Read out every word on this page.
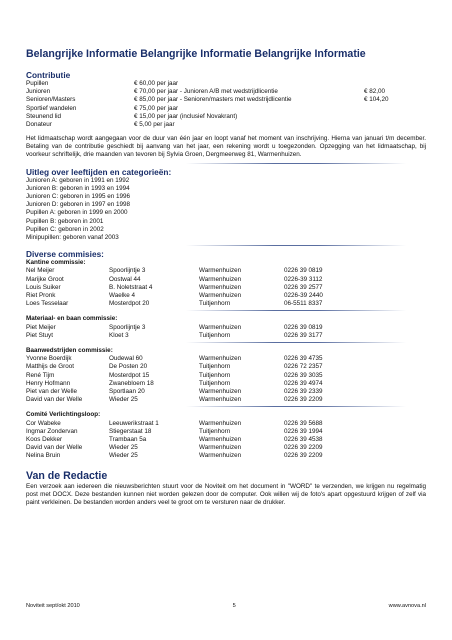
Belangrijke Informatie Belangrijke Informatie Belangrijke Informatie
Contributie
Pupillen	€ 60,00 per jaar
Junioren	€ 70,00 per jaar - Junioren A/B met wedstrijdlicentie	€ 82,00
Senioren/Masters	€ 85,00 per jaar - Senioren/masters met wedstrijdlicentie	€ 104,20
Sportief wandelen	€ 75,00 per jaar
Steunend lid	€ 15,00 per jaar (inclusief Novakrant)
Donateur	€ 5,00 per jaar

Het lidmaatschap wordt aangegaan voor de duur van één jaar en loopt vanaf het moment van inschrijving. Hierna van januari t/m december. Betaling van de contributie geschiedt bij aanvang van het jaar, een rekening wordt u toegezonden. Opzegging van het lidmaatschap, bij voorkeur schriftelijk, drie maanden van tevoren bij Sylvia Groen, Dergmeerweg 81, Warmenhuizen.

Uitleg over leeftijden en categorieën:
Junioren A: geboren in 1991 en 1992
Junioren B: geboren in 1993 en 1994
Junioren C: geboren in 1995 en 1996
Junioren D: geboren in 1997 en 1998
Pupillen A: geboren in 1999 en 2000
Pupillen B: geboren in 2001
Pupillen C: geboren in 2002
Minipupillen: geboren vanaf 2003
Diverse commisies:
Kantine commissie:
Nel Meijer	Spoorlijntje 3	Warmenhuizen	0226 39 0819
Marijke Groot	Oostwal 44	Warmenhuizen	0226-39 3112
Louis Suiker	B. Noletstraat 4	Warmenhuizen	0226 39 2577
Riet Pronk	Waelke 4	Warmenhuizen	0226-39 2440
Loes Tesselaar	Mosterdpot 20	Tuitjenhorn	06-5511 8337
Materiaal- en baan commissie:
Piet Meijer	Spoorlijntje 3	Warmenhuizen	0226 39 0819
Piet Stuyt	Kloet 3	Tuitjenhorn	0226 39 3177
Baanwedstrijden commissie:
Yvonne Boerdijk	Oudewal 60	Warmenhuizen	0226 39 4735
Matthijs de Groot	De Posten 20	Tuitjenhorn	0226 72 2357
René Tijm	Mosterdpot 15	Tuitjenhorn	0226 39 3035
Henry Hofmann	Zwanebloem 18	Tuitjenhorn	0226 39 4974
Piet van der Welle	Sportlaan 20	Warmenhuizen	0226 39 2339
David van der Welle	Wieder 25	Warmenhuizen	0226 39 2209
Comité Verlichtingsloop:
Cor Wabeke	Leeuwerikstraat 1	Warmenhuizen	0226 39 5688
Ingmar Zondervan	Stiegerstaat 18	Tuitjenhorn	0226 39 1994
Koos Dekker	Trambaan 5a	Warmenhuizen	0226 39 4538
David van der Welle	Wieder 25	Warmenhuizen	0226 39 2209
Nelina Bruin	Wieder 25	Warmenhuizen	0226 39 2209
Van de Redactie

Een verzoek aan iedereen die nieuwsberichten stuurt voor de Noviteit om het document in "WORD" te verzenden, we krijgen nu regelmatig post met DOCX. Deze bestanden kunnen niet worden gelezen door de computer. Ook willen wij de foto's apart opgestuurd krijgen of zelf via paint verkleinen. De bestanden worden anders veel te groot om te versturen naar de drukker.

Noviteit sept/okt 2010	5	www.avnova.nl
